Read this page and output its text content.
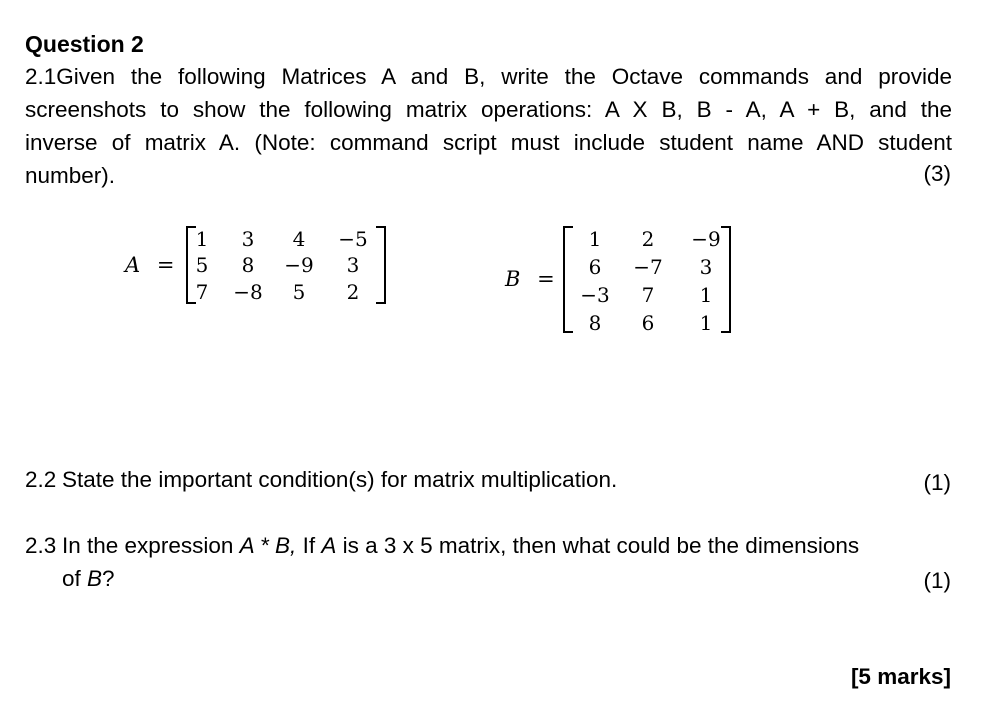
Question 2
2.1Given the following Matrices A and B, write the Octave commands and provide
screenshots to show the following matrix operations: A X B, B - A, A + B, and the
inverse of matrix A. (Note: command script must include student name AND student
number).	(3)
A =
1	3	4	−5
5	8	−9	3
7	−8	5	2
B =
1	2	−9
6	−7	3
−3	7	1
8	6	1
2.2 State the important condition(s) for matrix multiplication.	(1)
2.3 In the expression A * B, If A is a 3 x 5 matrix, then what could be the dimensions
of B?	(1)
[5 marks]
